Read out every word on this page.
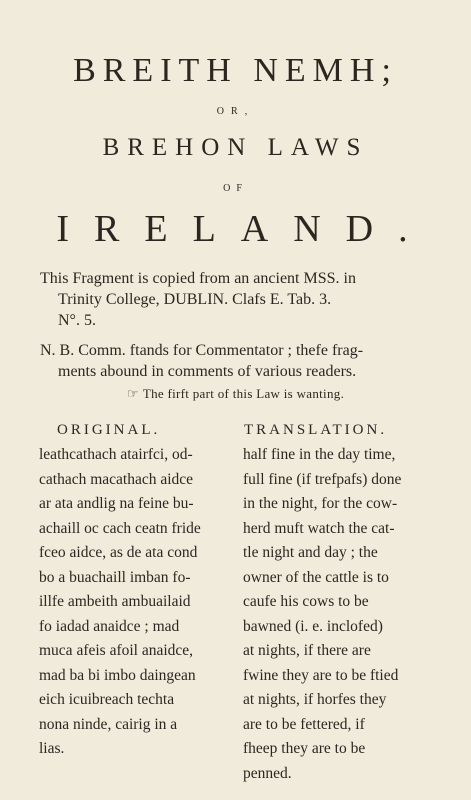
BREITH NEMH;
OR,
BREHON LAWS
OF
IRELAND.
This Fragment is copied from an ancient MSS. in
Trinity College, DUBLIN. Clafs E. Tab. 3.
N°. 5.
N. B. Comm. ftands for Commentator ; thefe frag-
ments abound in comments of various readers.
☞ The firft part of this Law is wanting.
ORIGINAL.	TRANSLATION.
leathcathach atairfci, od-
cathach macathach aidce
ar ata andlig na feine bu-
achaill oc cach ceatn fride
fceo aidce, as de ata cond
bo a buachaill imban fo-
illfe ambeith ambuailaid
fo iadad anaidce ; mad
muca afeis afoil anaidce,
mad ba bi imbo daingean
eich icuibreach techta
nona ninde, cairig in a
lias.
half fine in the day time,
full fine (if trefpafs) done
in the night, for the cow-
herd muft watch the cat-
tle night and day ; the
owner of the cattle is to
caufe his cows to be
bawned (i. e. inclofed)
at nights, if there are
fwine they are to be ftied
at nights, if horfes they
are to be fettered, if
fheep they are to be
penned.
